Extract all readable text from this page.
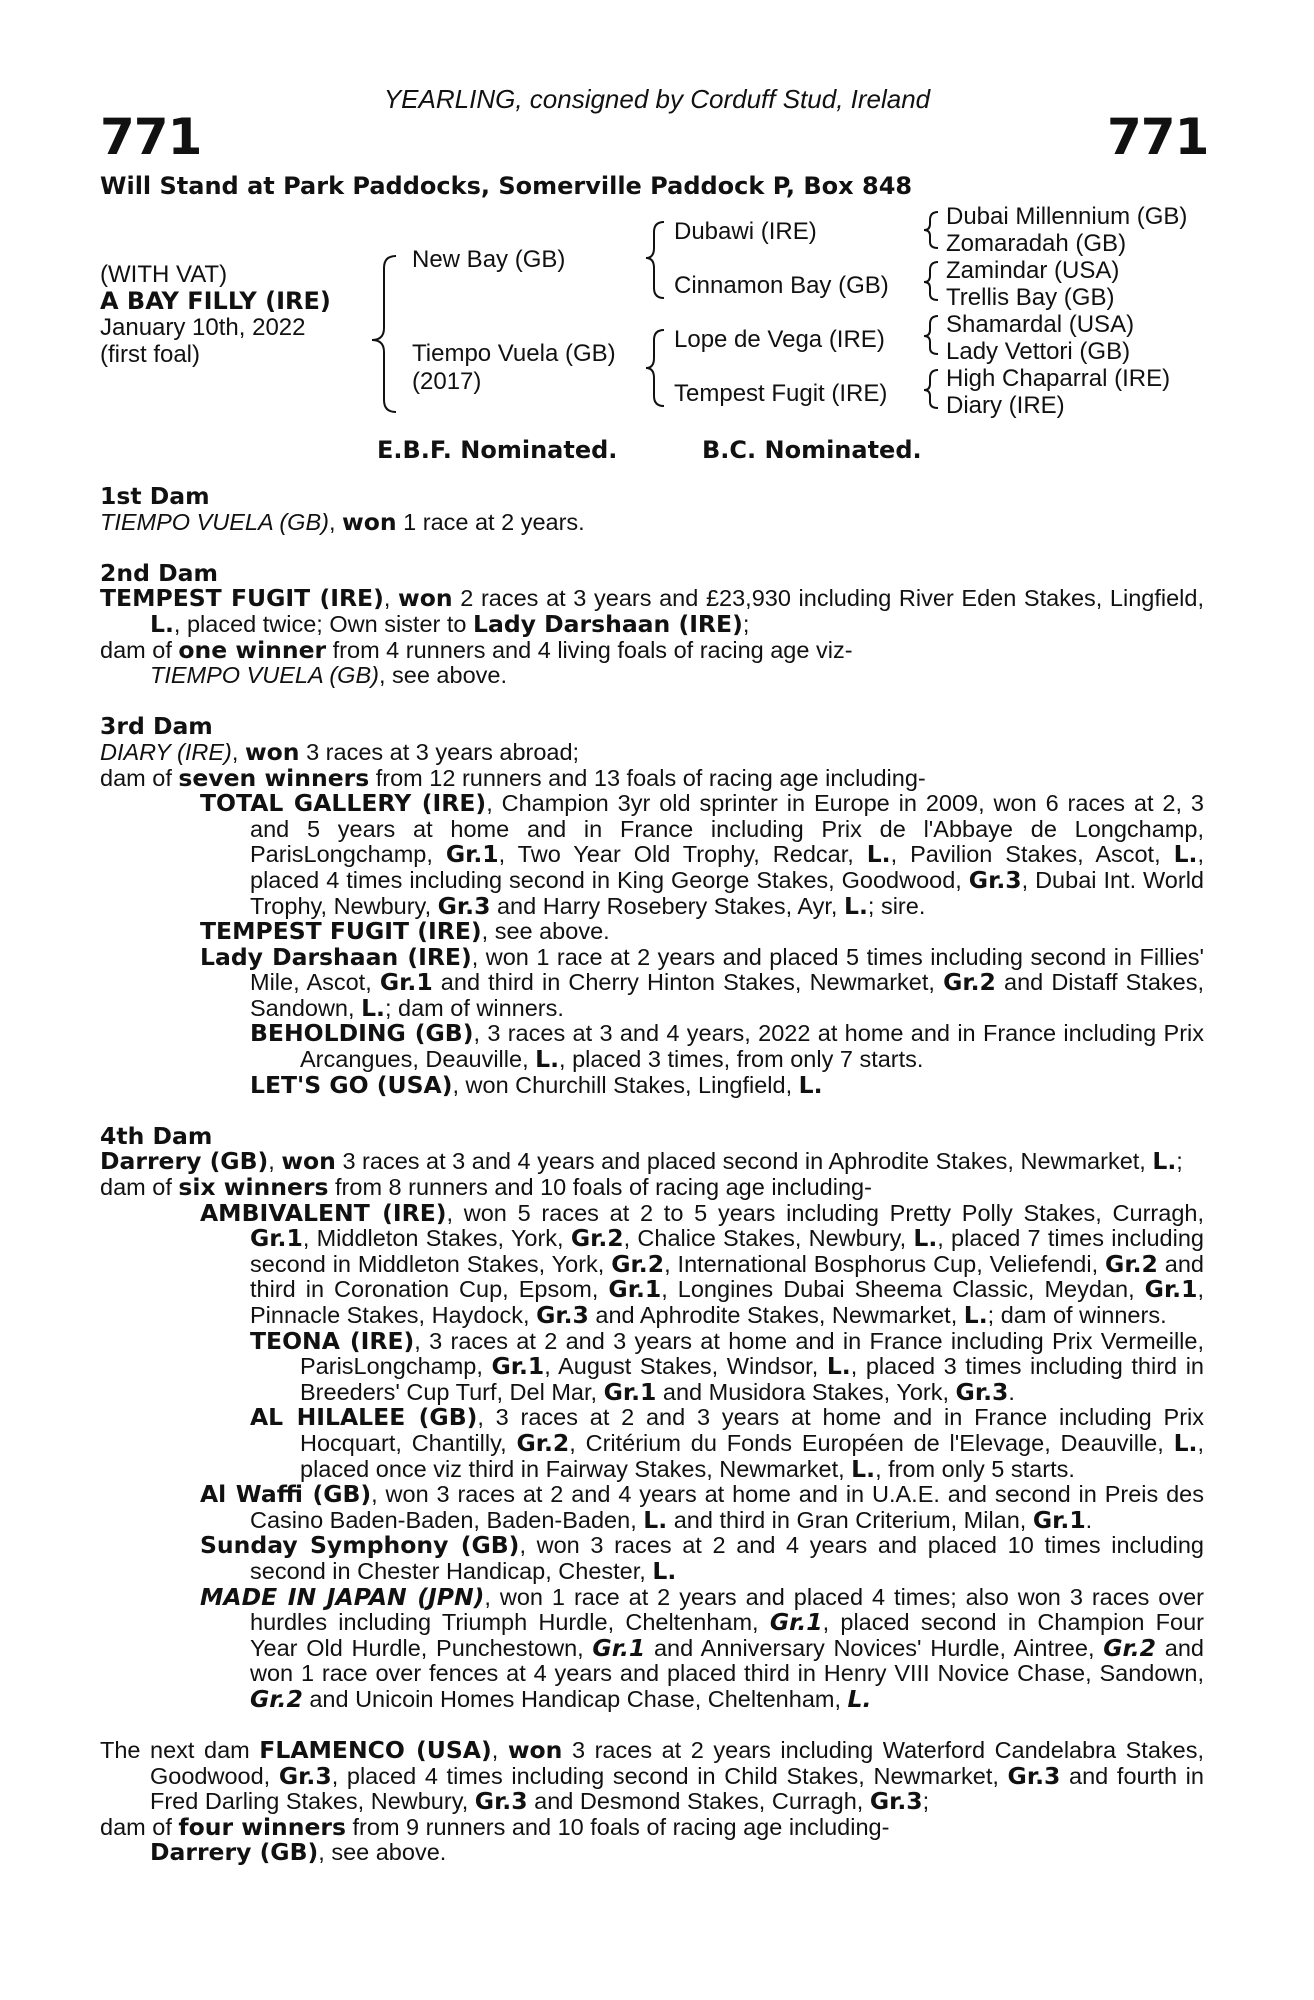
YEARLING, consigned by Corduff Stud, Ireland
771	771
Will Stand at Park Paddocks, Somerville Paddock P, Box 848
(WITH VAT)
A BAY FILLY (IRE)
January 10th, 2022
(first foal)
New Bay (GB)
Tiempo Vuela (GB)
(2017)
Dubawi (IRE)
Cinnamon Bay (GB)
Lope de Vega (IRE)
Tempest Fugit (IRE)
Dubai Millennium (GB)
Zomaradah (GB)
Zamindar (USA)
Trellis Bay (GB)
Shamardal (USA)
Lady Vettori (GB)
High Chaparral (IRE)
Diary (IRE)
E.B.F. Nominated.	B.C. Nominated.
1st Dam
TIEMPO VUELA (GB), won 1 race at 2 years.
2nd Dam
TEMPEST FUGIT (IRE), won 2 races at 3 years and £23,930 including River Eden Stakes, Lingfield, L., placed twice; Own sister to Lady Darshaan (IRE);
dam of one winner from 4 runners and 4 living foals of racing age viz-
TIEMPO VUELA (GB), see above.
3rd Dam
DIARY (IRE), won 3 races at 3 years abroad;
dam of seven winners from 12 runners and 13 foals of racing age including-
TOTAL GALLERY (IRE), Champion 3yr old sprinter in Europe in 2009, won 6 races at 2, 3 and 5 years at home and in France including Prix de l'Abbaye de Longchamp, ParisLongchamp, Gr.1, Two Year Old Trophy, Redcar, L., Pavilion Stakes, Ascot, L., placed 4 times including second in King George Stakes, Goodwood, Gr.3, Dubai Int. World Trophy, Newbury, Gr.3 and Harry Rosebery Stakes, Ayr, L.; sire.
TEMPEST FUGIT (IRE), see above.
Lady Darshaan (IRE), won 1 race at 2 years and placed 5 times including second in Fillies' Mile, Ascot, Gr.1 and third in Cherry Hinton Stakes, Newmarket, Gr.2 and Distaff Stakes, Sandown, L.; dam of winners.
BEHOLDING (GB), 3 races at 3 and 4 years, 2022 at home and in France including Prix Arcangues, Deauville, L., placed 3 times, from only 7 starts.
LET'S GO (USA), won Churchill Stakes, Lingfield, L.
4th Dam
Darrery (GB), won 3 races at 3 and 4 years and placed second in Aphrodite Stakes, Newmarket, L.;
dam of six winners from 8 runners and 10 foals of racing age including-
AMBIVALENT (IRE), won 5 races at 2 to 5 years including Pretty Polly Stakes, Curragh, Gr.1, Middleton Stakes, York, Gr.2, Chalice Stakes, Newbury, L., placed 7 times including second in Middleton Stakes, York, Gr.2, International Bosphorus Cup, Veliefendi, Gr.2 and third in Coronation Cup, Epsom, Gr.1, Longines Dubai Sheema Classic, Meydan, Gr.1, Pinnacle Stakes, Haydock, Gr.3 and Aphrodite Stakes, Newmarket, L.; dam of winners.
TEONA (IRE), 3 races at 2 and 3 years at home and in France including Prix Vermeille, ParisLongchamp, Gr.1, August Stakes, Windsor, L., placed 3 times including third in Breeders' Cup Turf, Del Mar, Gr.1 and Musidora Stakes, York, Gr.3.
AL HILALEE (GB), 3 races at 2 and 3 years at home and in France including Prix Hocquart, Chantilly, Gr.2, Critérium du Fonds Européen de l'Elevage, Deauville, L., placed once viz third in Fairway Stakes, Newmarket, L., from only 5 starts.
Al Waffi (GB), won 3 races at 2 and 4 years at home and in U.A.E. and second in Preis des Casino Baden-Baden, Baden-Baden, L. and third in Gran Criterium, Milan, Gr.1.
Sunday Symphony (GB), won 3 races at 2 and 4 years and placed 10 times including second in Chester Handicap, Chester, L.
MADE IN JAPAN (JPN), won 1 race at 2 years and placed 4 times; also won 3 races over hurdles including Triumph Hurdle, Cheltenham, Gr.1, placed second in Champion Four Year Old Hurdle, Punchestown, Gr.1 and Anniversary Novices' Hurdle, Aintree, Gr.2 and won 1 race over fences at 4 years and placed third in Henry VIII Novice Chase, Sandown, Gr.2 and Unicoin Homes Handicap Chase, Cheltenham, L.
The next dam FLAMENCO (USA), won 3 races at 2 years including Waterford Candelabra Stakes, Goodwood, Gr.3, placed 4 times including second in Child Stakes, Newmarket, Gr.3 and fourth in Fred Darling Stakes, Newbury, Gr.3 and Desmond Stakes, Curragh, Gr.3;
dam of four winners from 9 runners and 10 foals of racing age including-
Darrery (GB), see above.
